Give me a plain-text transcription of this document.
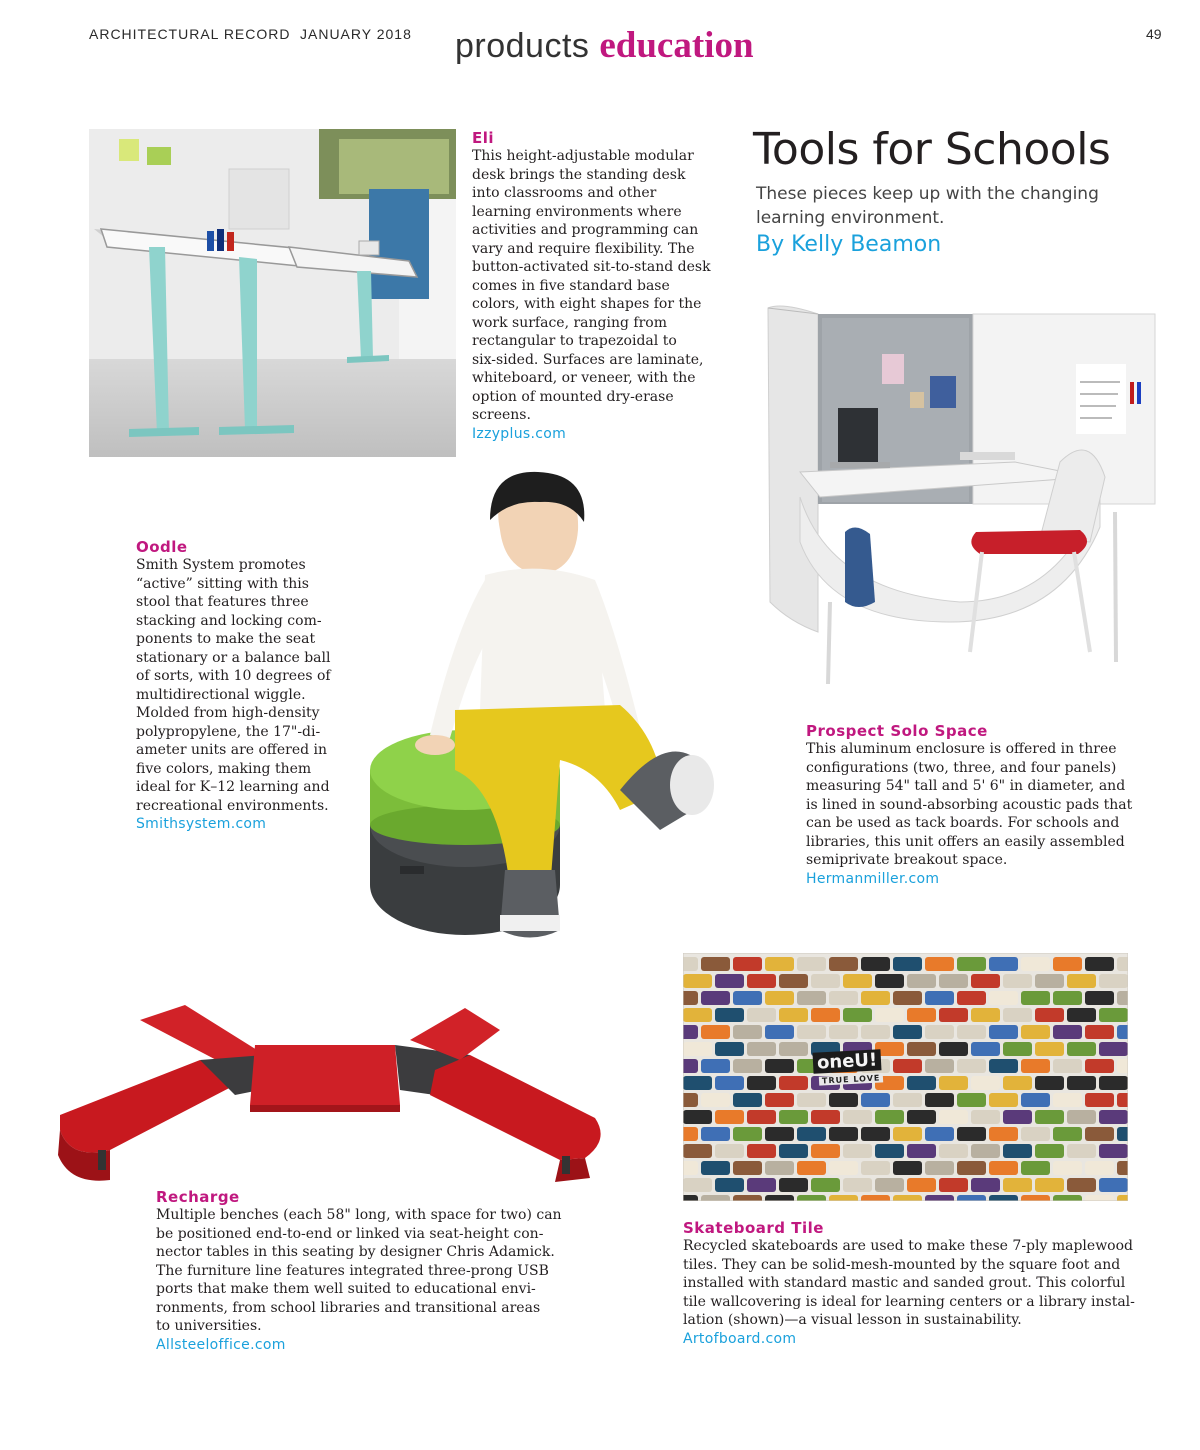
ARCHITECTURAL RECORD JANUARY 2018 products education	49
Tools for Schools
These pieces keep up with the changing
learning environment.
By Kelly Beamon
Eli
This height-adjustable modular
desk brings the standing desk
into classrooms and other
learning environments where
activities and programming can
vary and require flexibility. The
button-activated sit-to-stand desk
comes in five standard base
colors, with eight shapes for the
work surface, ranging from
rectangular to trapezoidal to
six-sided. Surfaces are laminate,
whiteboard, or veneer, with the
option of mounted dry-erase
screens.
Izzyplus.com
Oodle
Smith System promotes
“active” sitting with this
stool that features three
stacking and locking com-
ponents to make the seat
stationary or a balance ball
of sorts, with 10 degrees of
multidirectional wiggle.
Molded from high-density
polypropylene, the 17"-di-
ameter units are offered in
five colors, making them
ideal for K–12 learning and
recreational environments.
Smithsystem.com
Prospect Solo Space
This aluminum enclosure is offered in three
configurations (two, three, and four panels)
measuring 54" tall and 5' 6" in diameter, and
is lined in sound-absorbing acoustic pads that
can be used as tack boards. For schools and
libraries, this unit offers an easily assembled
semiprivate breakout space.
Hermanmiller.com
oneU!
TRUE LOVE
Recharge
Multiple benches (each 58" long, with space for two) can
be positioned end-to-end or linked via seat-height con-
nector tables in this seating by designer Chris Adamick.
The furniture line features integrated three-prong USB
ports that make them well suited to educational envi-
ronments, from school libraries and transitional areas
to universities.
Allsteeloffice.com
Skateboard Tile
Recycled skateboards are used to make these 7-ply maplewood
tiles. They can be solid-mesh-mounted by the square foot and
installed with standard mastic and sanded grout. This colorful
tile wallcovering is ideal for learning centers or a library instal-
lation (shown)—a visual lesson in sustainability.
Artofboard.com
